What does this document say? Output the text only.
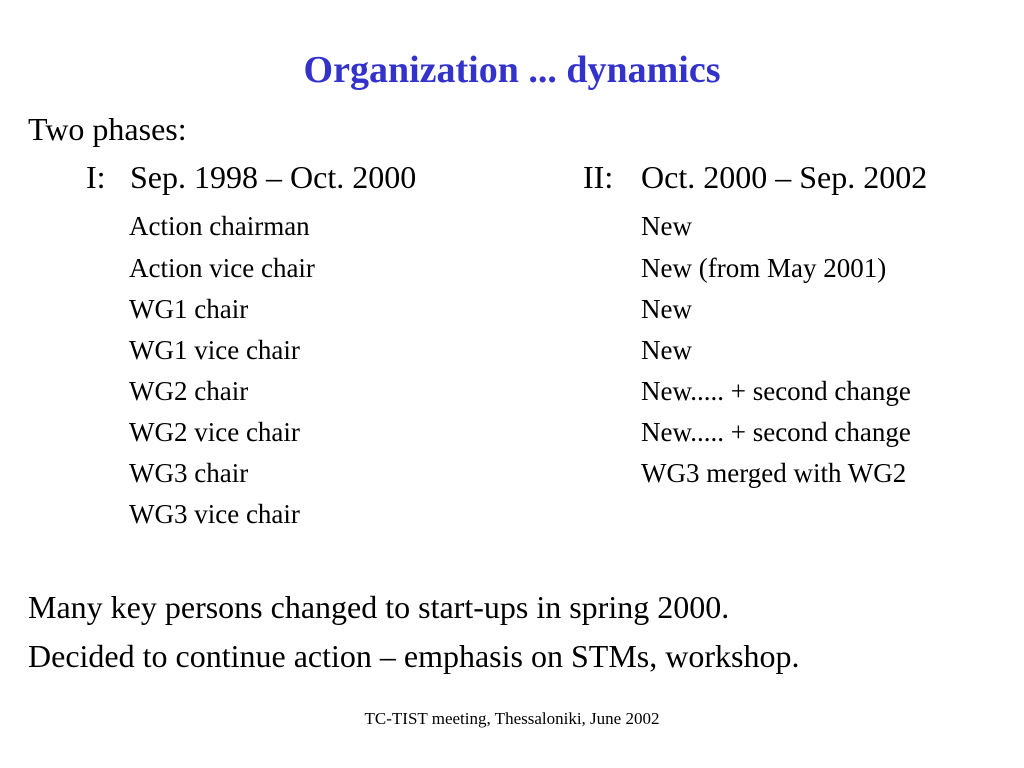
Organization ... dynamics
Two phases:
I: Sep. 1998 – Oct. 2000	II: Oct. 2000 – Sep. 2002
Action chairman
Action vice chair
WG1 chair
WG1 vice chair
WG2 chair
WG2 vice chair
WG3 chair
WG3 vice chair
New
New (from May 2001)
New
New
New..... + second change
New..... + second change
WG3 merged with WG2
Many key persons changed to start-ups in spring 2000.
Decided to continue action – emphasis on STMs, workshop.
TC-TIST meeting, Thessaloniki, June 2002
